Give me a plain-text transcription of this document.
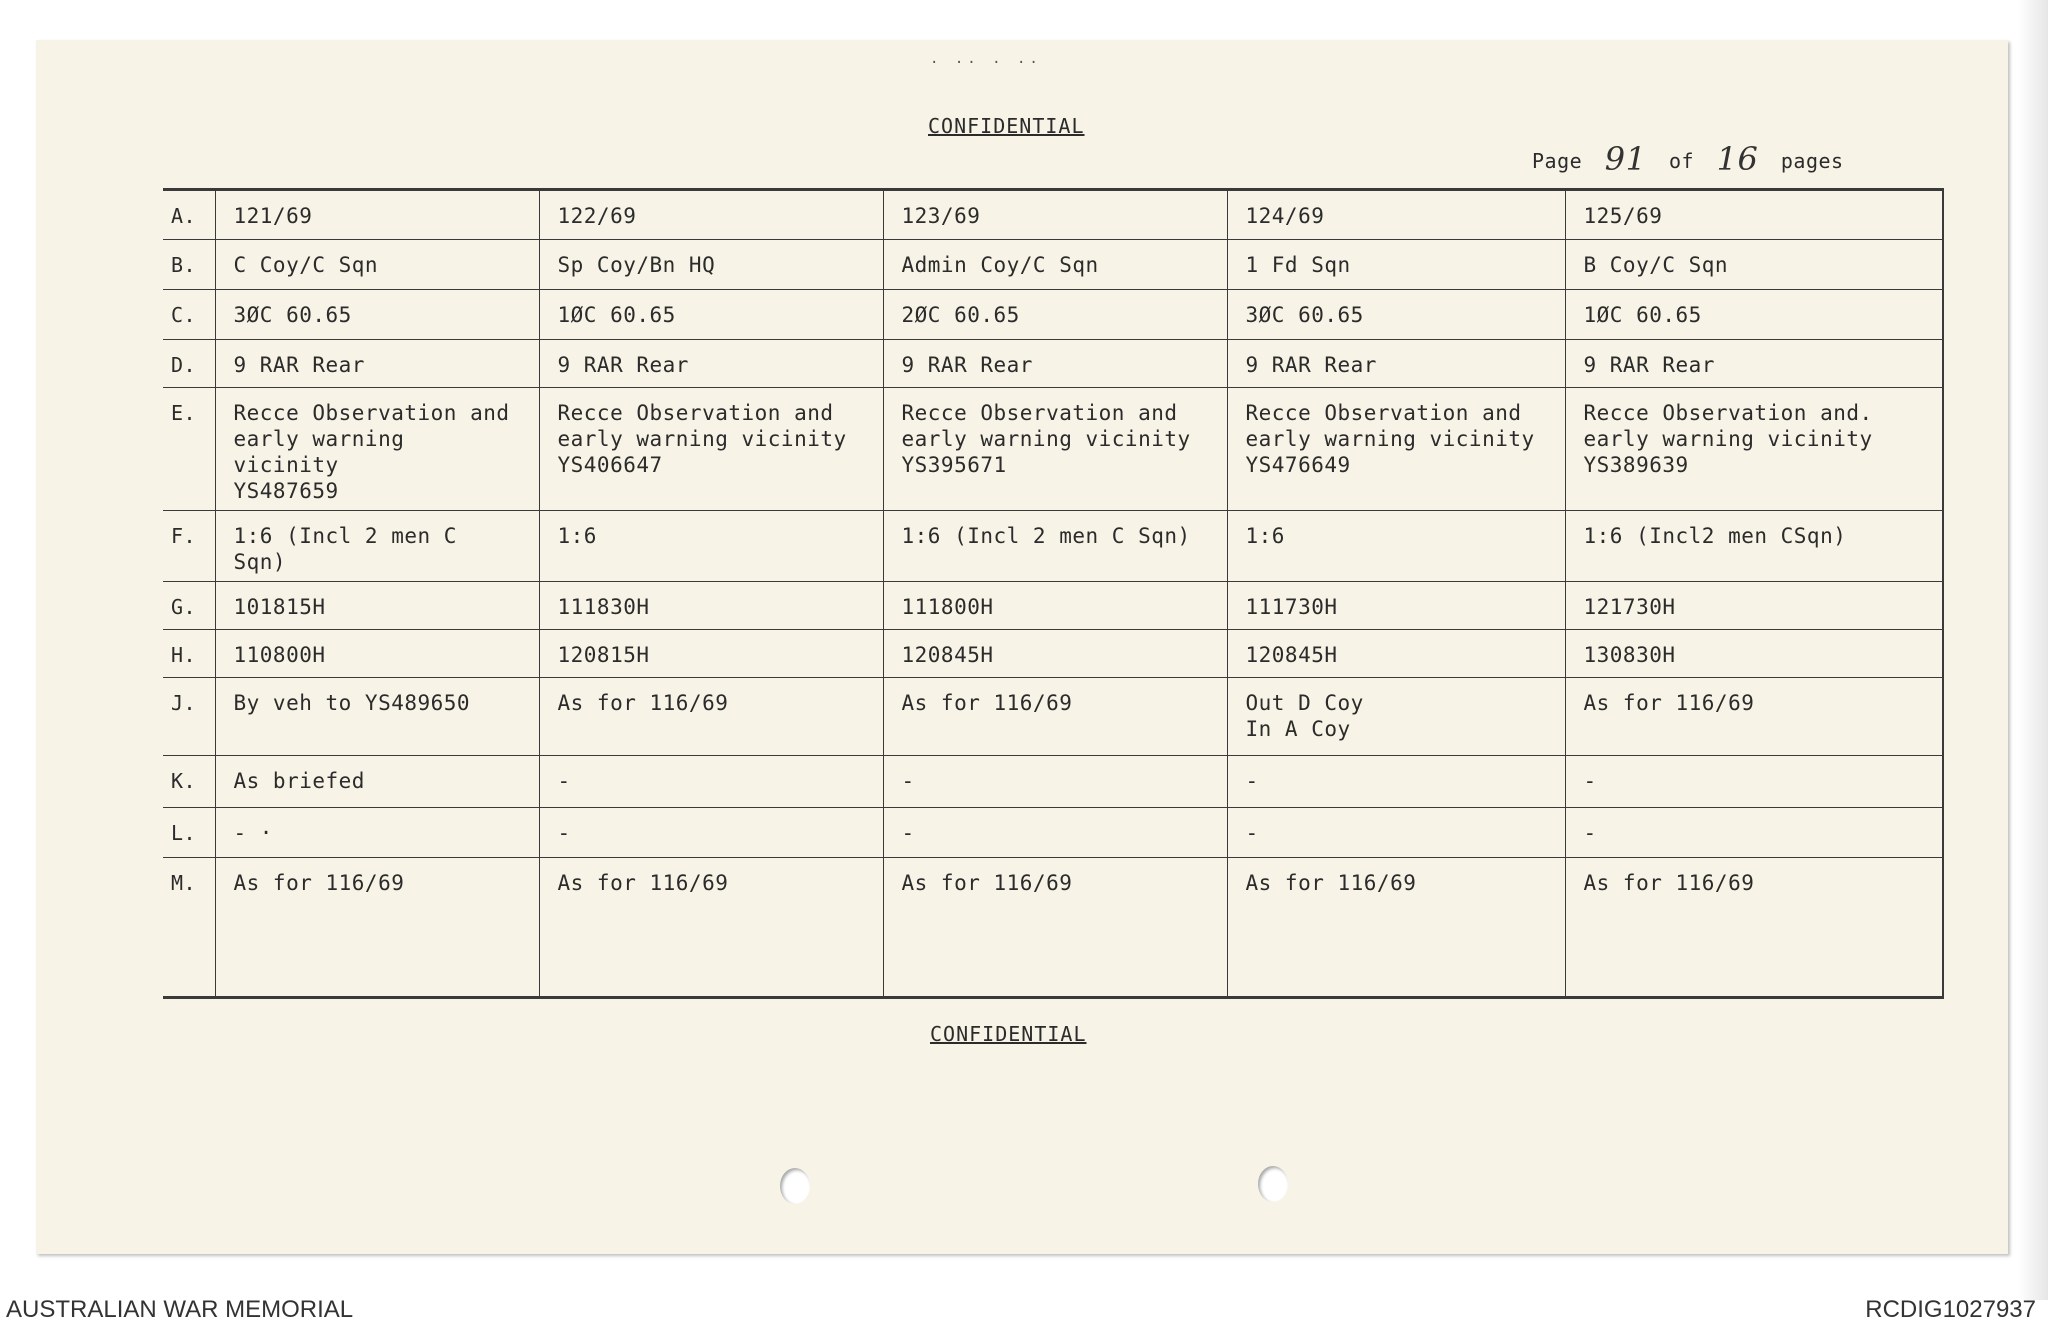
· ·· · ··
CONFIDENTIAL
Page 91 of 16 pages
A.	121/69	122/69	123/69	124/69	125/69
B.	C Coy/C Sqn	Sp Coy/Bn HQ	Admin Coy/C Sqn	1 Fd Sqn	B Coy/C Sqn
C.	3ØC 60.65	1ØC 60.65	2ØC 60.65	3ØC 60.65	1ØC 60.65
D.	9 RAR Rear	9 RAR Rear	9 RAR Rear	9 RAR Rear	9 RAR Rear
E.	Recce Observation and
early warning vicinity
YS487659	Recce Observation and
early warning vicinity
YS406647	Recce Observation and
early warning vicinity
YS395671	Recce Observation and
early warning vicinity
YS476649	Recce Observation and.
early warning vicinity
YS389639
F.	1:6 (Incl 2 men C Sqn)	1:6	1:6 (Incl 2 men C Sqn)	1:6	1:6 (Incl2 men CSqn)
G.	101815H	111830H	111800H	111730H	121730H
H.	110800H	120815H	120845H	120845H	130830H
J.	By veh to YS489650	As for 116/69	As for 116/69	Out D Coy
In A Coy	As for 116/69
K.	As briefed	-	-	-	-
L.	- ·	-	-	-	-
M.	As for 116/69	As for 116/69	As for 116/69	As for 116/69	As for 116/69
CONFIDENTIAL
AUSTRALIAN WAR MEMORIAL	RCDIG1027937
